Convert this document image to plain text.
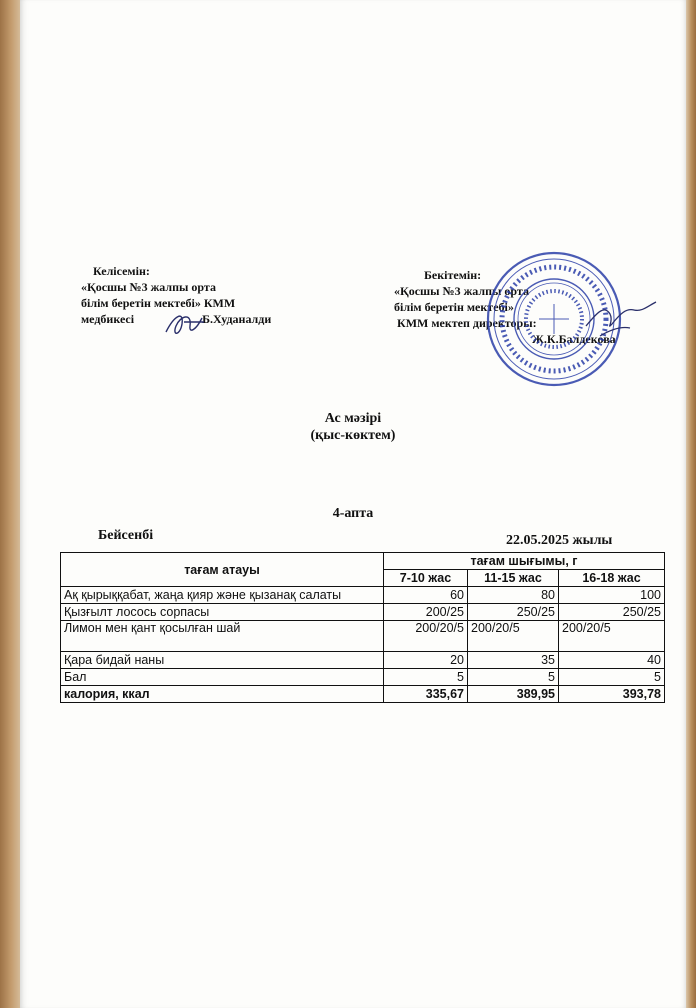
Келісемін:
«Қосшы №3 жалпы орта
білім беретін мектебі» КММ
медбикесі	Б.Худаналди
Бекітемін:
«Қосшы №3 жалпы орта
білім беретін мектебі»
КММ мектеп директоры:
Ж.К.Балдекова
Ас мәзірі
(қыс-көктем)
4-апта
Бейсенбі	22.05.2025 жылы
тағам атауы	тағам шығымы, г		
	7-10 жас	11-15 жас	16-18 жас
Ақ қырыққабат, жаңа қияр және қызанақ салаты	60	80	100
Қызғылт лосось сорпасы	200/25	250/25	250/25
Лимон мен қант қосылған шай	200/20/5	200/20/5	200/20/5
Қара бидай наны	20	35	40
Бал	5	5	5
калория, ккал	335,67	389,95	393,78
